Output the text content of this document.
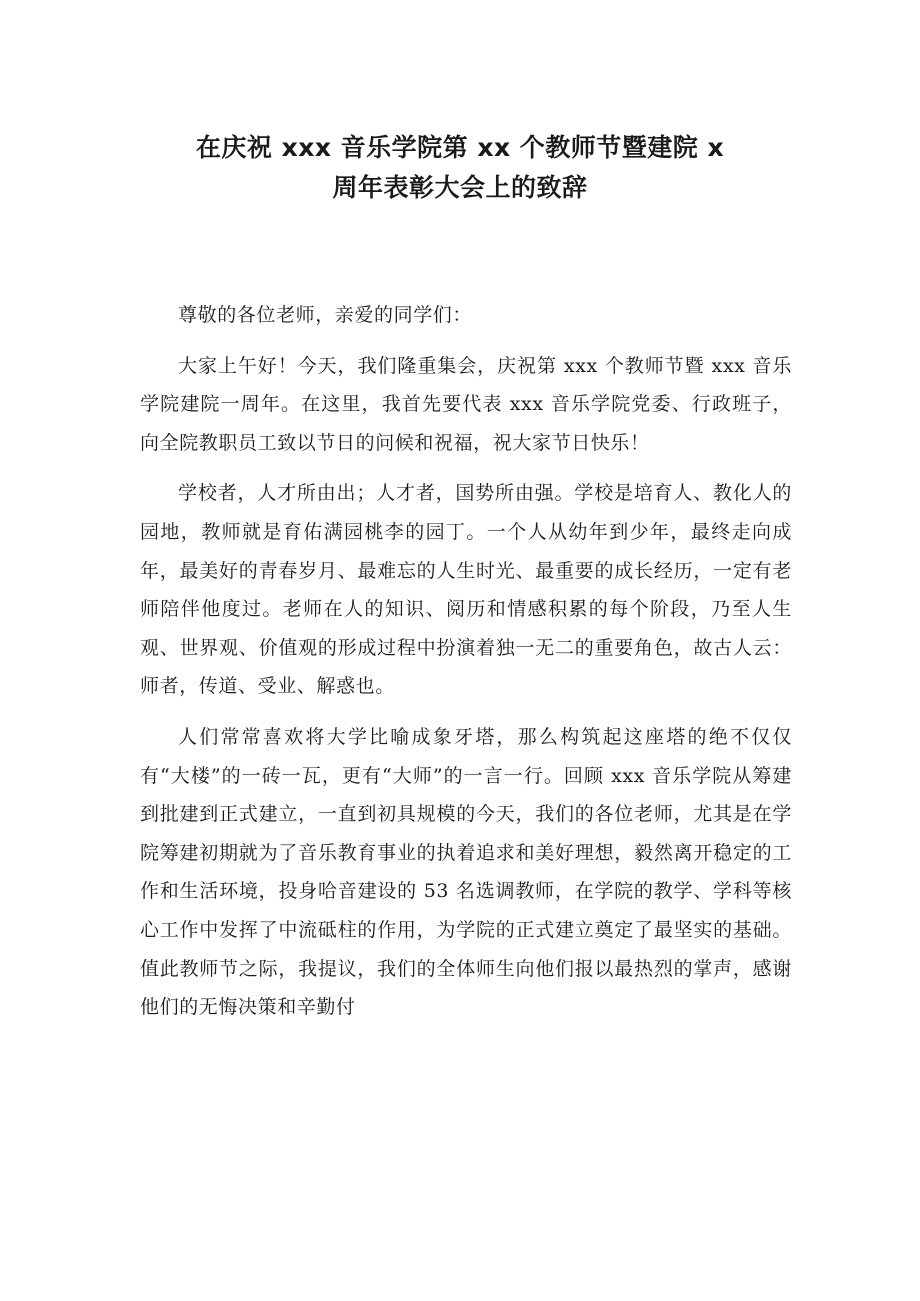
在庆祝 xxx 音乐学院第 xx 个教师节暨建院 x
周年表彰大会上的致辞

尊敬的各位老师，亲爱的同学们：

大家上午好！今天，我们隆重集会，庆祝第 xxx 个教师节暨 xxx 音乐学院建院一周年。在这里，我首先要代表 xxx 音乐学院党委、行政班子，向全院教职员工致以节日的问候和祝福，祝大家节日快乐！

学校者，人才所由出；人才者，国势所由强。学校是培育人、教化人的园地，教师就是育佑满园桃李的园丁。一个人从幼年到少年，最终走向成年，最美好的青春岁月、最难忘的人生时光、最重要的成长经历，一定有老师陪伴他度过。老师在人的知识、阅历和情感积累的每个阶段，乃至人生观、世界观、价值观的形成过程中扮演着独一无二的重要角色，故古人云：师者，传道、受业、解惑也。

人们常常喜欢将大学比喻成象牙塔，那么构筑起这座塔的绝不仅仅有“大楼”的一砖一瓦，更有“大师”的一言一行。回顾 xxx 音乐学院从筹建到批建到正式建立，一直到初具规模的今天，我们的各位老师，尤其是在学院筹建初期就为了音乐教育事业的执着追求和美好理想，毅然离开稳定的工作和生活环境，投身哈音建设的 53 名选调教师，在学院的教学、学科等核心工作中发挥了中流砥柱的作用，为学院的正式建立奠定了最坚实的基础。值此教师节之际，我提议，我们的全体师生向他们报以最热烈的掌声，感谢他们的无悔决策和辛勤付
